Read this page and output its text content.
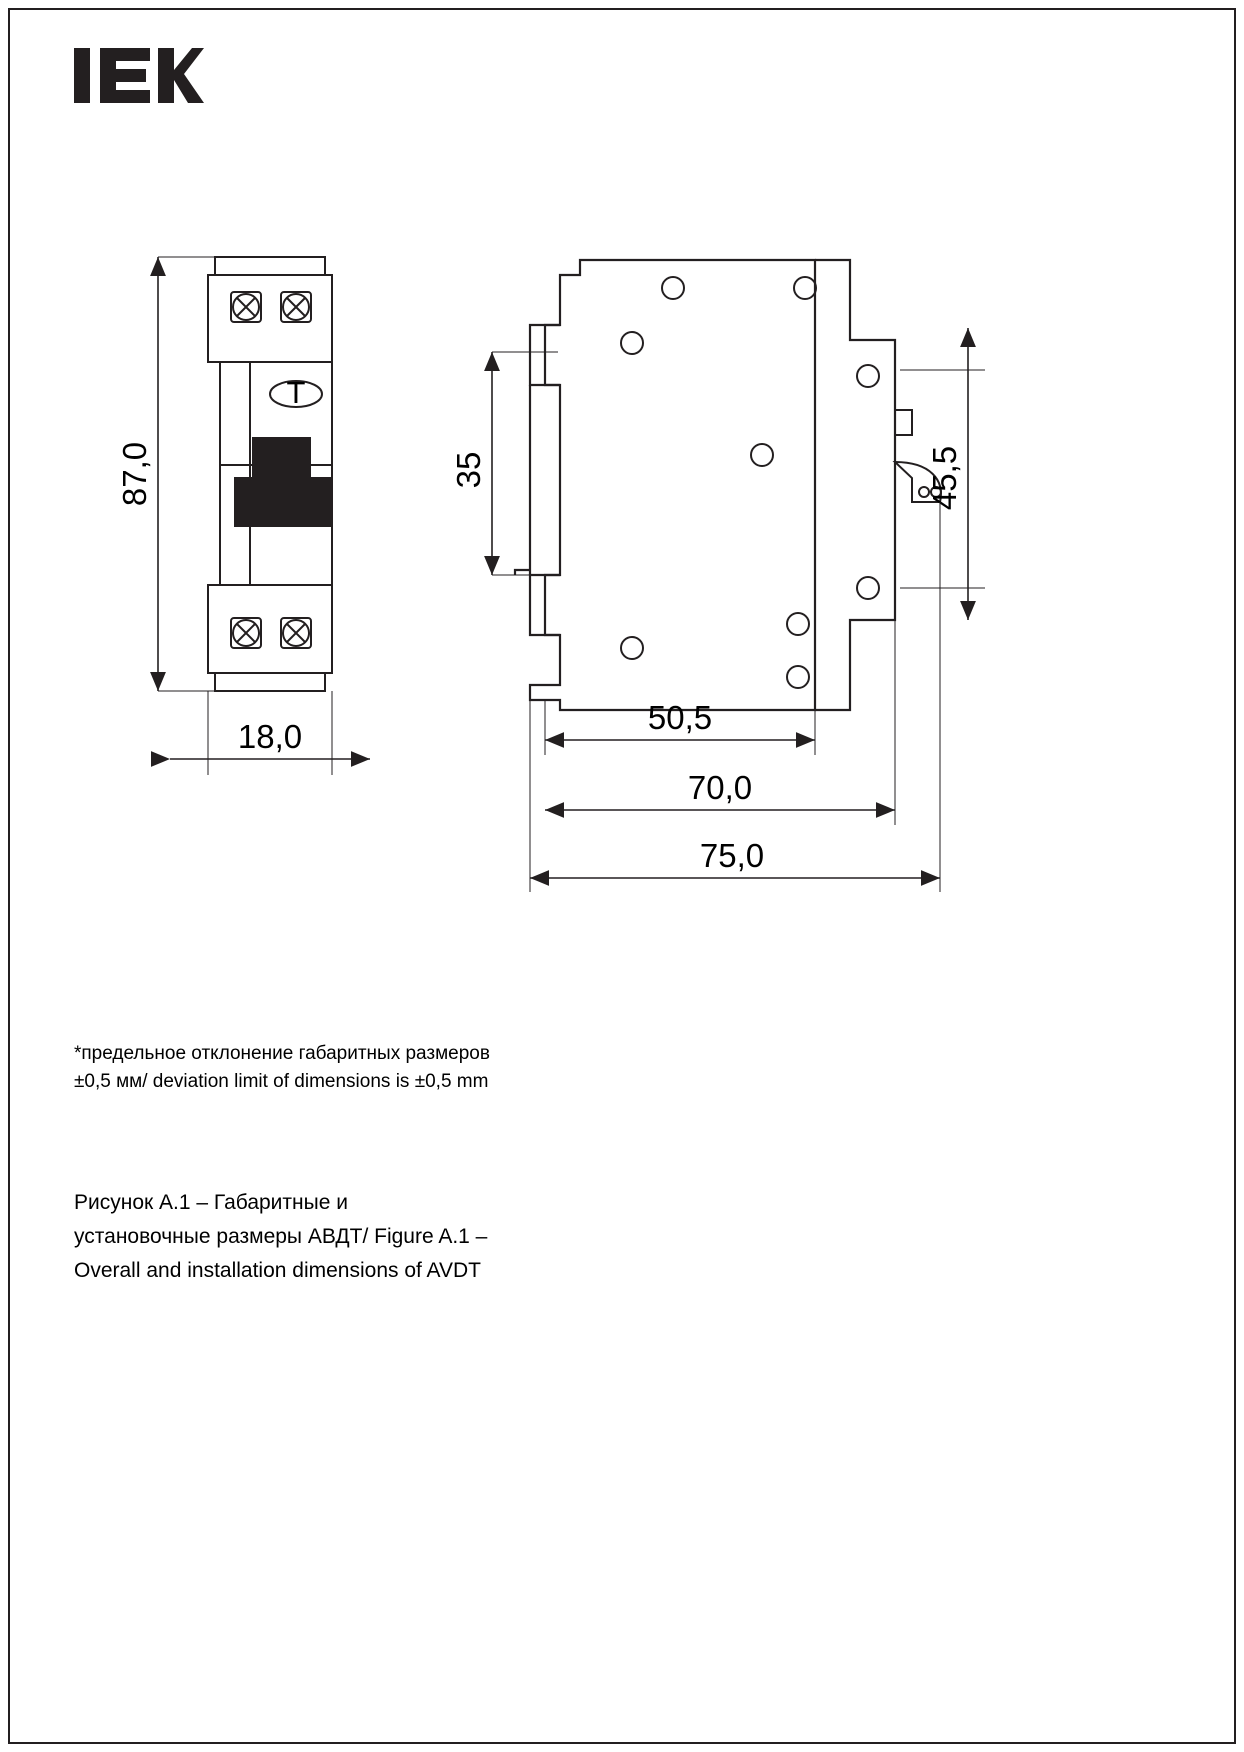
T
87,0
18,0
35	45,5
50,5
70,0
75,0
*предельное отклонение габаритных размеров
±0,5 мм/ deviation limit of dimensions is ±0,5 mm
Рисунок А.1 – Габаритные и
установочные размеры АВДТ/ Figure A.1 –
Overall and installation dimensions of AVDT
